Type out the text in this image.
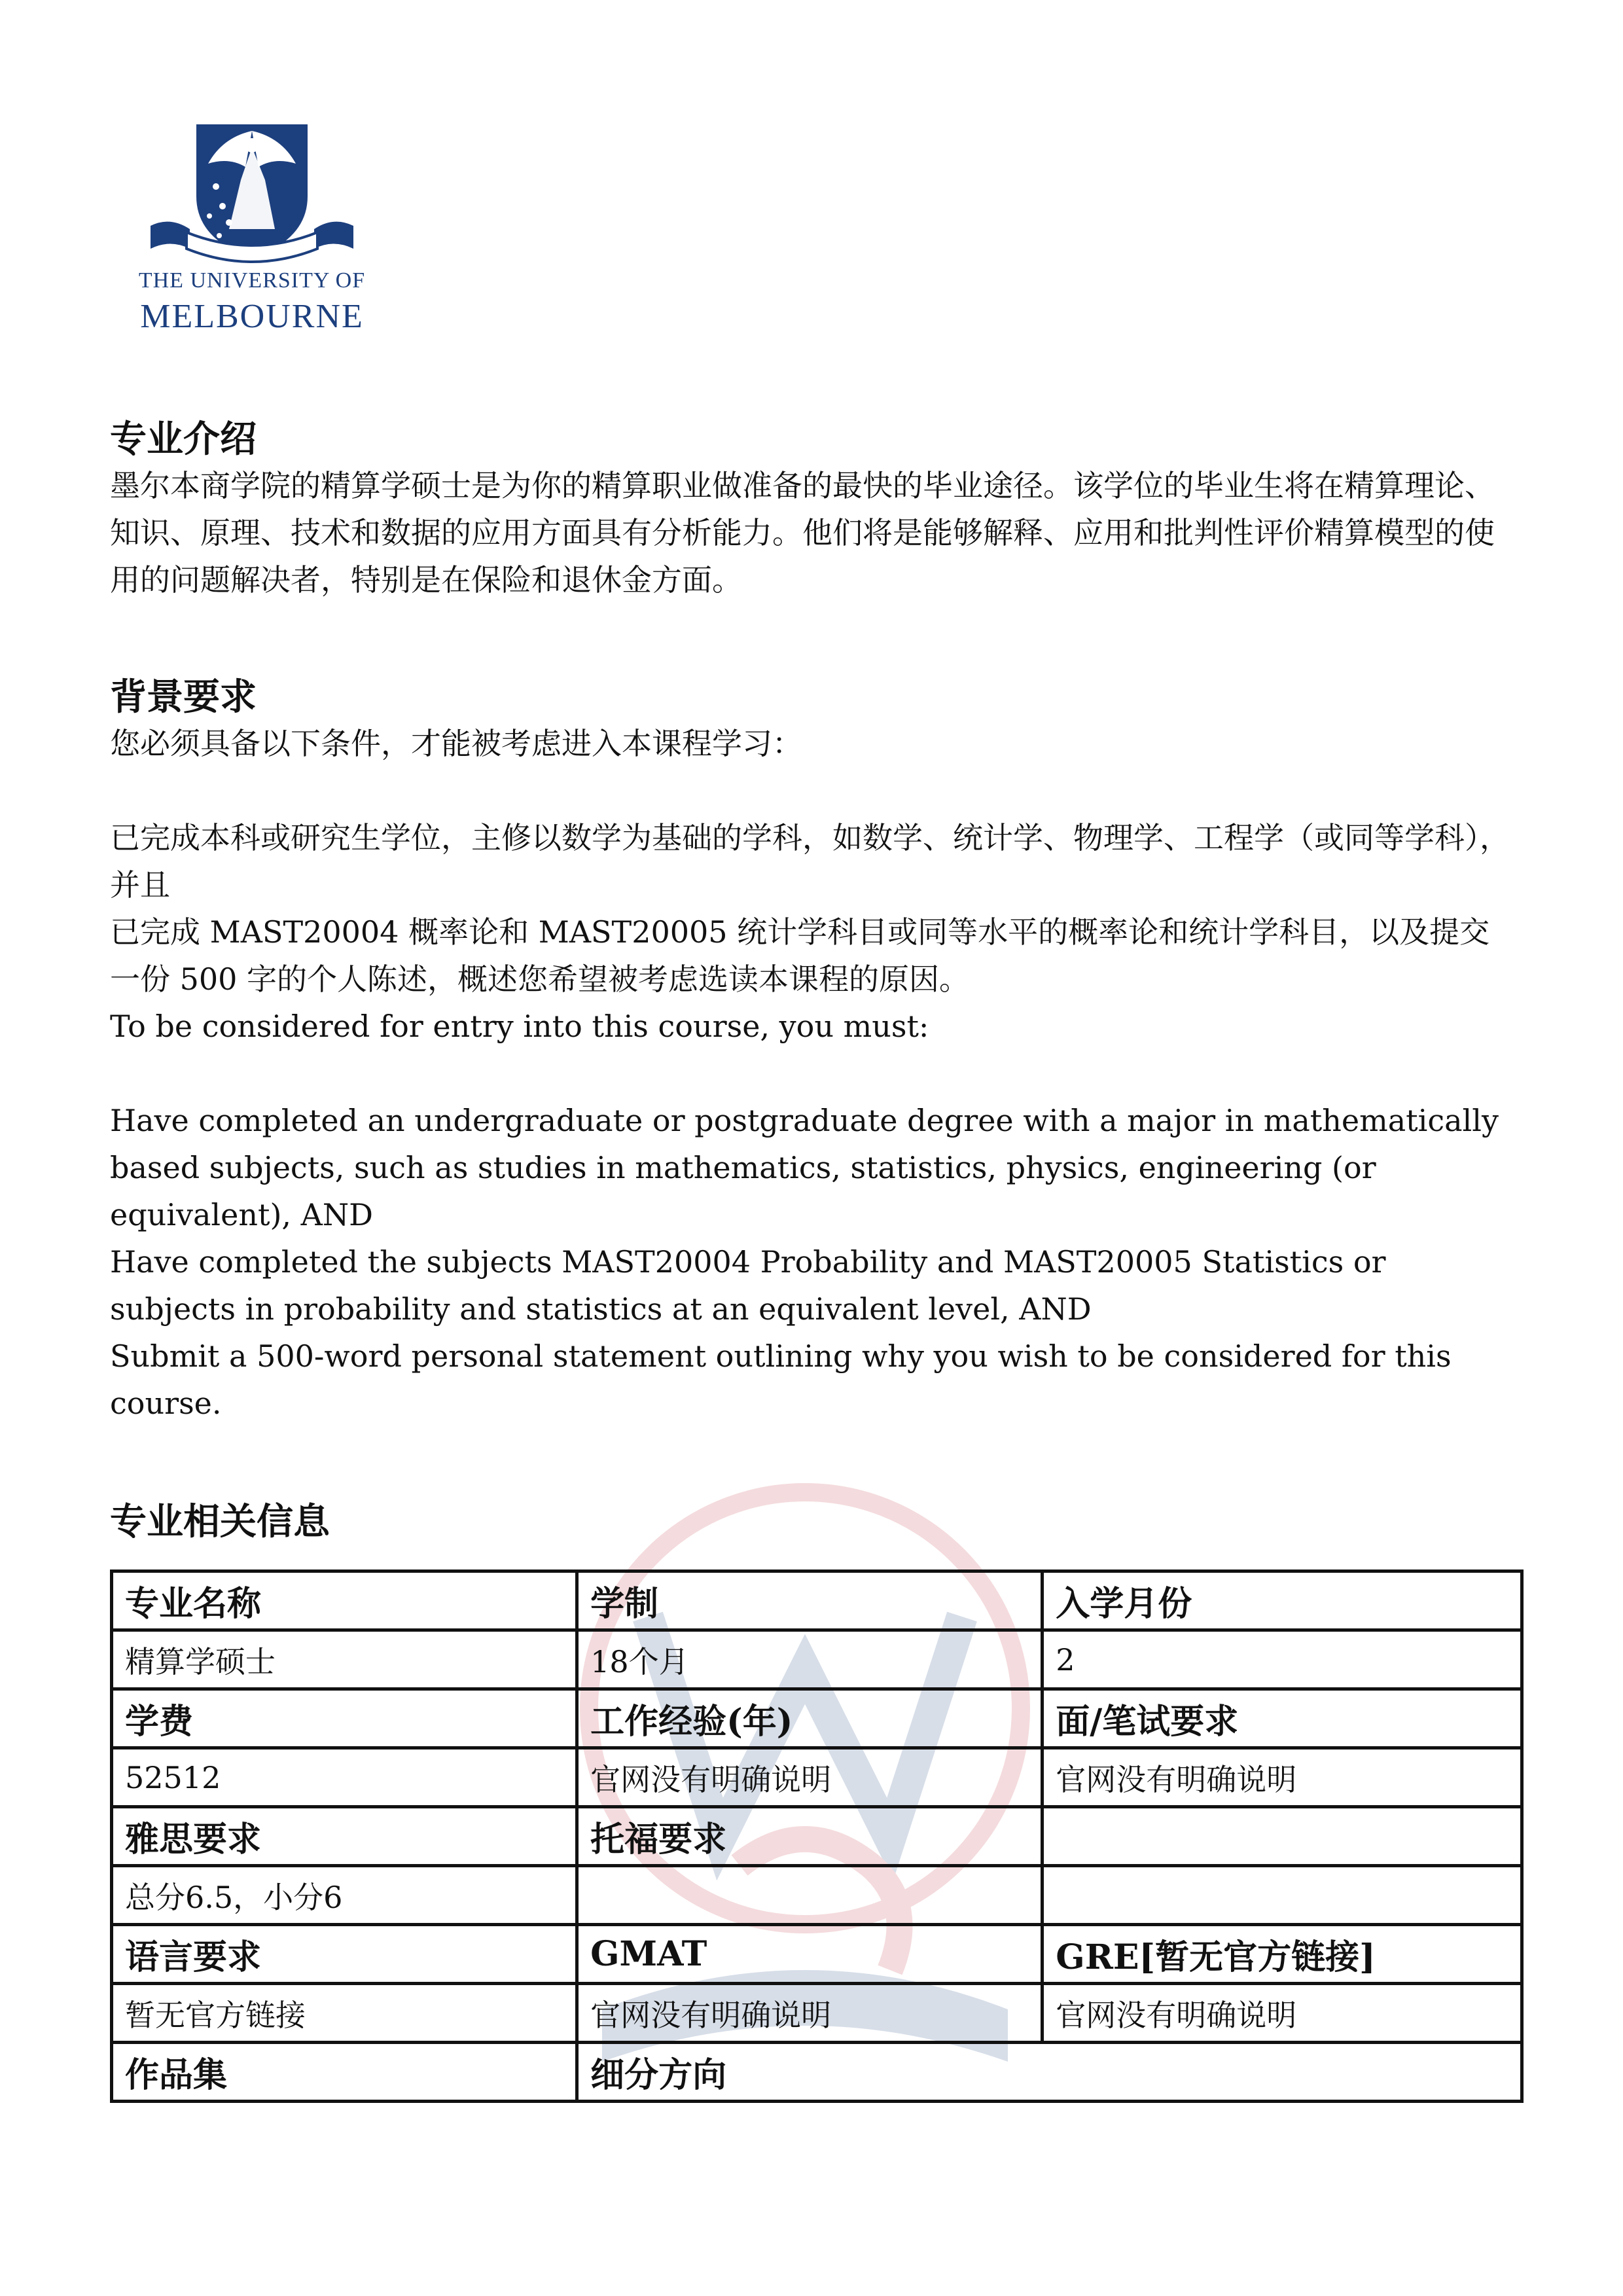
THE UNIVERSITY OF
MELBOURNE
专业介绍

墨尔本商学院的精算学硕士是为你的精算职业做准备的最快的毕业途径。该学位的毕业生将在精算理论、知识、原理、技术和数据的应用方面具有分析能力。他们将是能够解释、应用和批判性评价精算模型的使用的问题解决者，特别是在保险和退休金方面。

背景要求

您必须具备以下条件，才能被考虑进入本课程学习：

已完成本科或研究生学位，主修以数学为基础的学科，如数学、统计学、物理学、工程学（或同等学科），并且

已完成 MAST20004 概率论和 MAST20005 统计学科目或同等水平的概率论和统计学科目，以及提交一份 500 字的个人陈述，概述您希望被考虑选读本课程的原因。

To be considered for entry into this course, you must:

Have completed an undergraduate or postgraduate degree with a major in mathematically based subjects, such as studies in mathematics, statistics, physics, engineering (or equivalent), AND

Have completed the subjects MAST20004 Probability and MAST20005 Statistics or subjects in probability and statistics at an equivalent level, AND

Submit a 500-word personal statement outlining why you wish to be considered for this course.

专业相关信息
专业名称	学制	入学月份
精算学硕士	18个月	2
学费	工作经验(年)	面/笔试要求
52512	官网没有明确说明	官网没有明确说明
雅思要求	托福要求	
总分6.5，小分6		
语言要求	GMAT	GRE[暂无官方链接]
暂无官方链接	官网没有明确说明	官网没有明确说明
作品集	细分方向	
